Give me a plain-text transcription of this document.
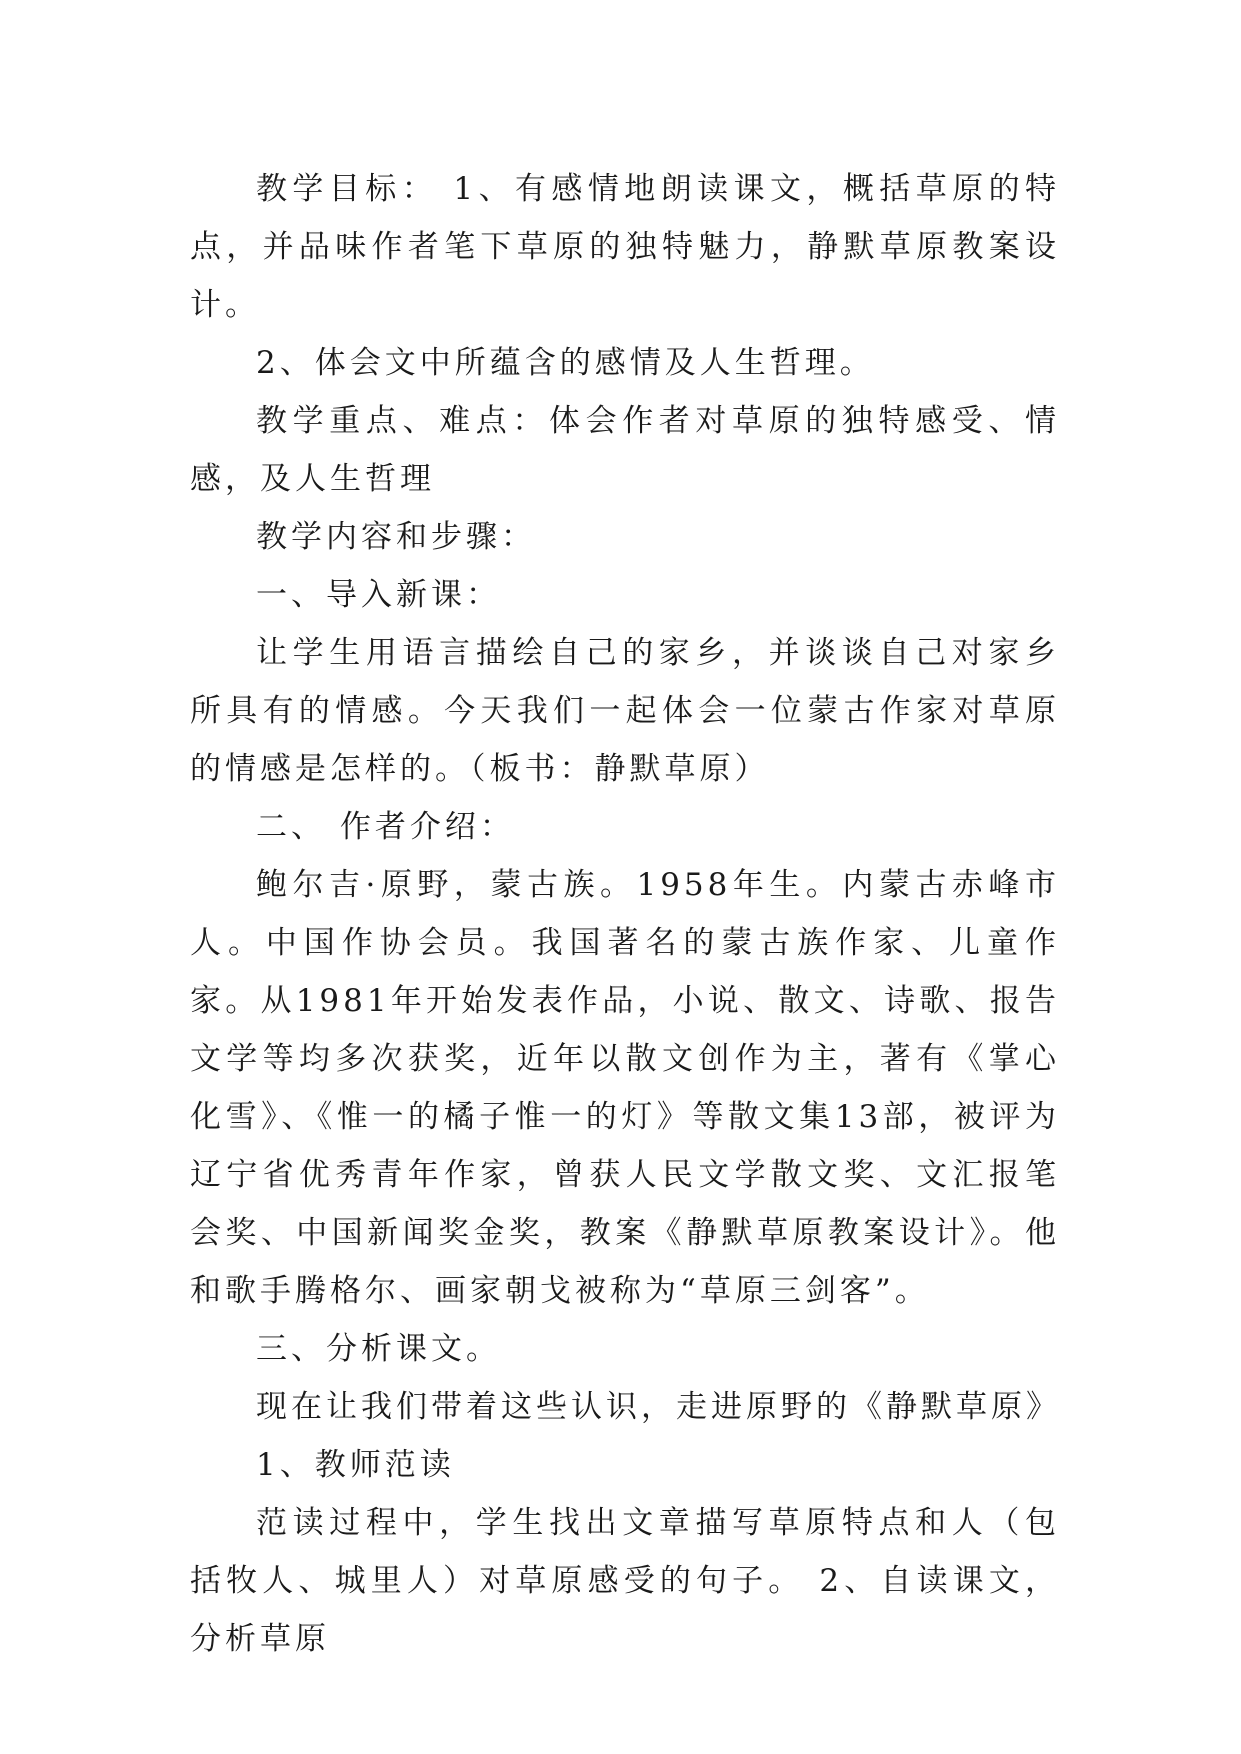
教学目标： 1、有感情地朗读课文，概括草原的特点，并品味作者笔下草原的独特魅力，静默草原教案设计。

2、体会文中所蕴含的感情及人生哲理。

教学重点、难点：体会作者对草原的独特感受、情感，及人生哲理

教学内容和步骤：

一、导入新课：

让学生用语言描绘自己的家乡，并谈谈自己对家乡所具有的情感。今天我们一起体会一位蒙古作家对草原的情感是怎样的。（板书：静默草原）

二、 作者介绍：

鲍尔吉·原野，蒙古族。1958年生。内蒙古赤峰市人。中国作协会员。我国著名的蒙古族作家、儿童作家。从1981年开始发表作品，小说、散文、诗歌、报告文学等均多次获奖，近年以散文创作为主，著有《掌心化雪》、《惟一的橘子惟一的灯》等散文集13部，被评为辽宁省优秀青年作家，曾获人民文学散文奖、文汇报笔会奖、中国新闻奖金奖，教案《静默草原教案设计》。他和歌手腾格尔、画家朝戈被称为“草原三剑客”。

三、分析课文。

现在让我们带着这些认识，走进原野的《静默草原》

1、教师范读

范读过程中，学生找出文章描写草原特点和人（包括牧人、城里人）对草原感受的句子。 2、自读课文，分析草原
